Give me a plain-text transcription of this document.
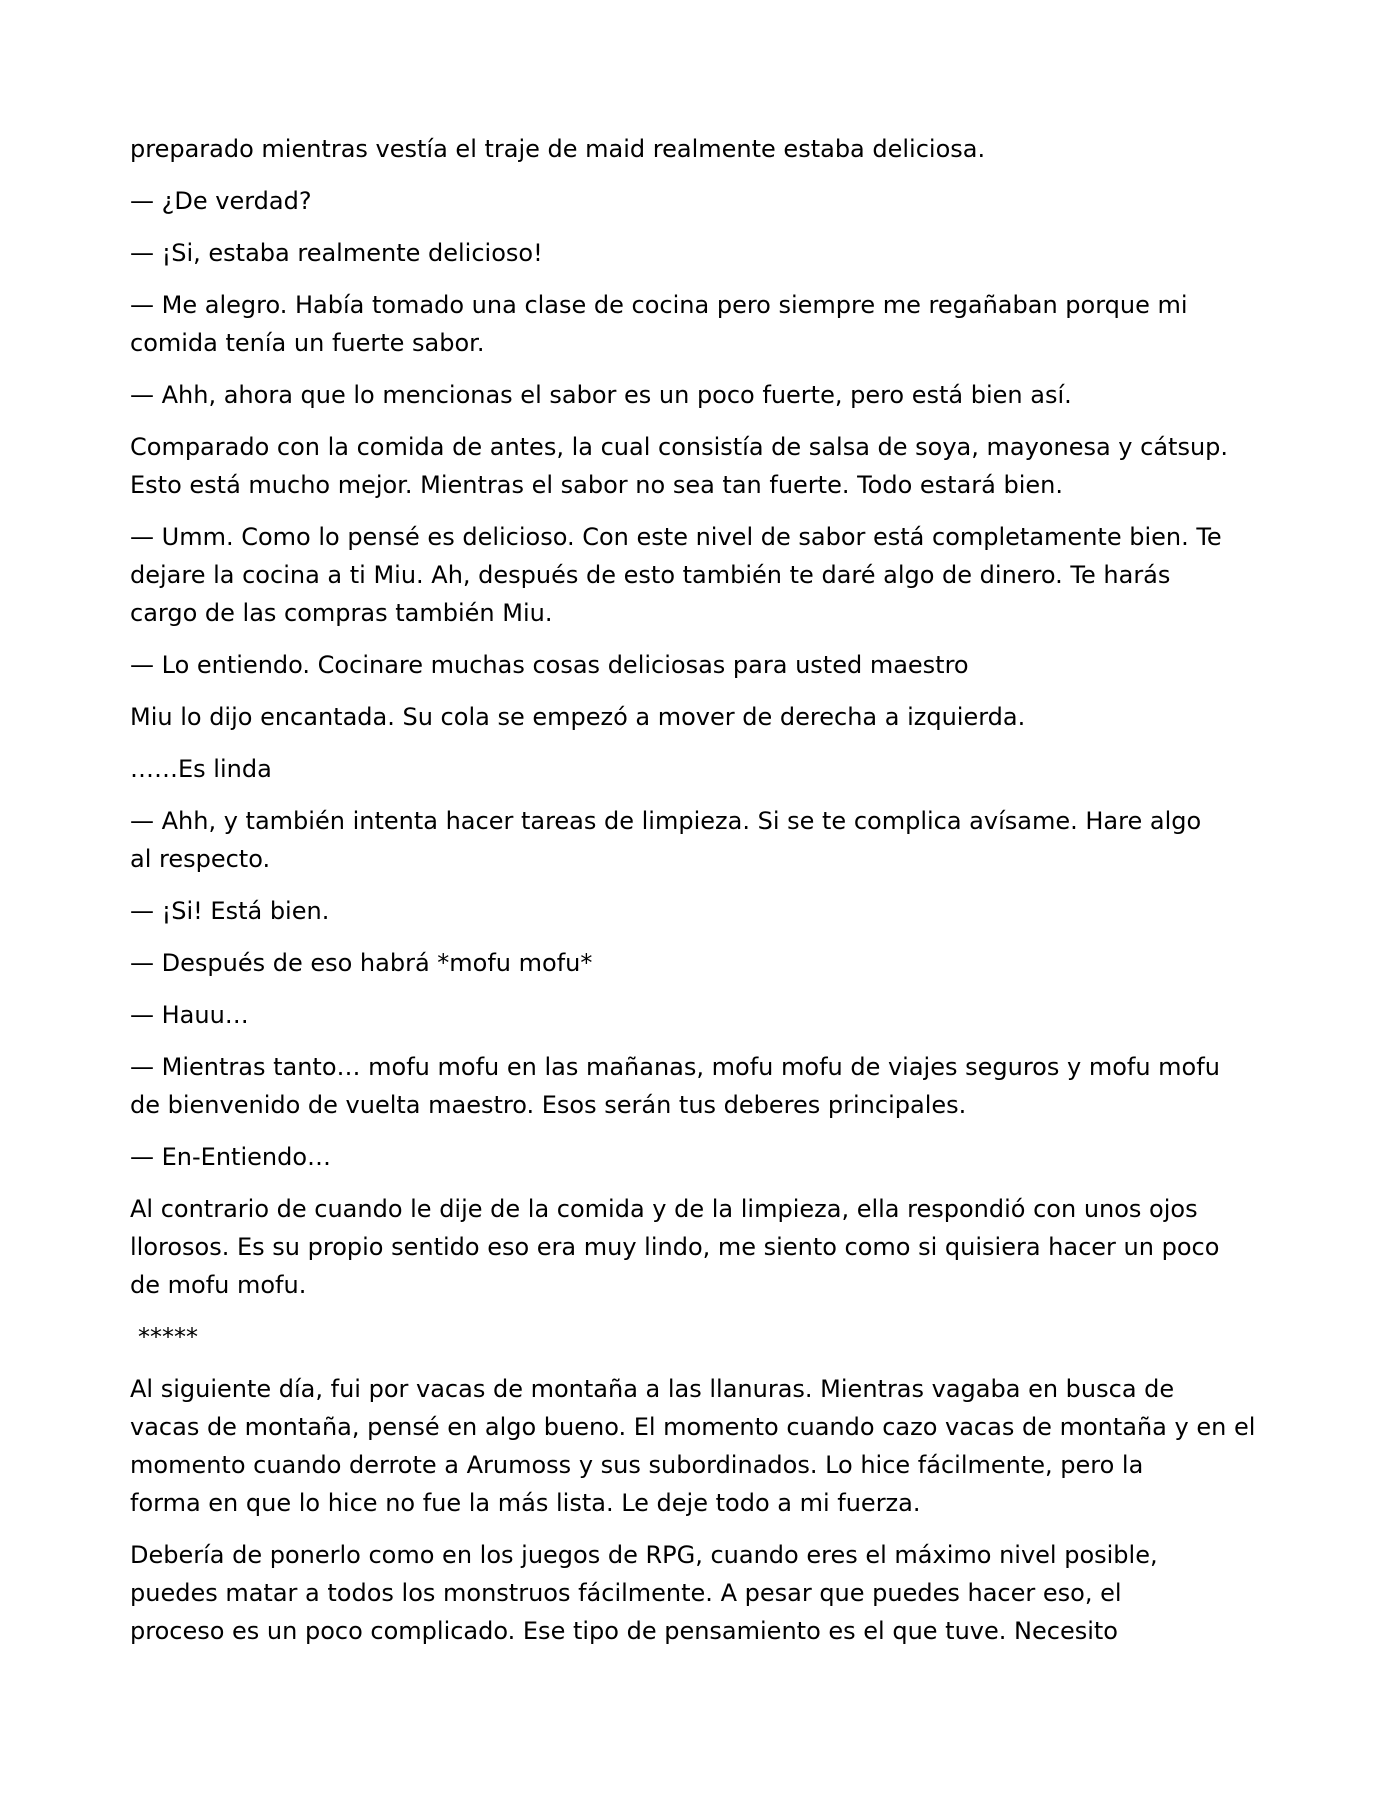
preparado mientras vestía el traje de maid realmente estaba deliciosa.

— ¿De verdad?

— ¡Si, estaba realmente delicioso!

— Me alegro. Había tomado una clase de cocina pero siempre me regañaban porque mi
comida tenía un fuerte sabor.

— Ahh, ahora que lo mencionas el sabor es un poco fuerte, pero está bien así.

Comparado con la comida de antes, la cual consistía de salsa de soya, mayonesa y cátsup.
Esto está mucho mejor. Mientras el sabor no sea tan fuerte. Todo estará bien.

— Umm. Como lo pensé es delicioso. Con este nivel de sabor está completamente bien. Te
dejare la cocina a ti Miu. Ah, después de esto también te daré algo de dinero. Te harás
cargo de las compras también Miu.

— Lo entiendo. Cocinare muchas cosas deliciosas para usted maestro

Miu lo dijo encantada. Su cola se empezó a mover de derecha a izquierda.

……Es linda

— Ahh, y también intenta hacer tareas de limpieza. Si se te complica avísame. Hare algo
al respecto.

— ¡Si! Está bien.

— Después de eso habrá *mofu mofu*

— Hauu…

— Mientras tanto… mofu mofu en las mañanas, mofu mofu de viajes seguros y mofu mofu
de bienvenido de vuelta maestro. Esos serán tus deberes principales.

— En-Entiendo…

Al contrario de cuando le dije de la comida y de la limpieza, ella respondió con unos ojos
llorosos. Es su propio sentido eso era muy lindo, me siento como si quisiera hacer un poco
de mofu mofu.

*****

Al siguiente día, fui por vacas de montaña a las llanuras. Mientras vagaba en busca de
vacas de montaña, pensé en algo bueno. El momento cuando cazo vacas de montaña y en el
momento cuando derrote a Arumoss y sus subordinados. Lo hice fácilmente, pero la
forma en que lo hice no fue la más lista. Le deje todo a mi fuerza.

Debería de ponerlo como en los juegos de RPG, cuando eres el máximo nivel posible,
puedes matar a todos los monstruos fácilmente. A pesar que puedes hacer eso, el
proceso es un poco complicado. Ese tipo de pensamiento es el que tuve. Necesito
